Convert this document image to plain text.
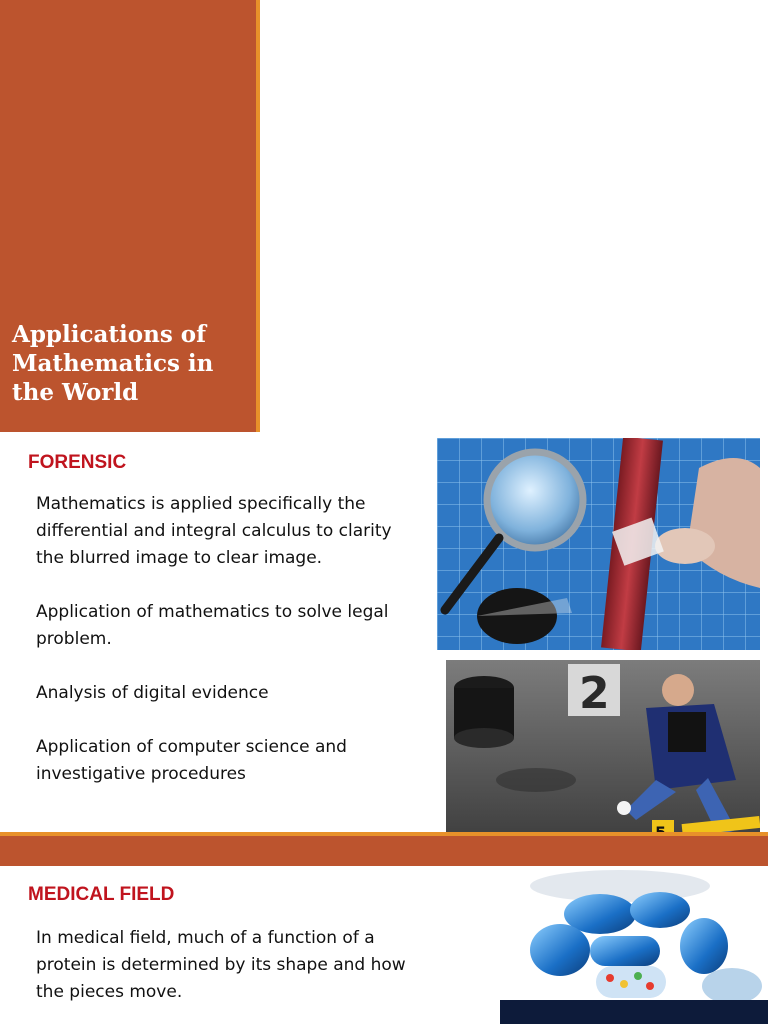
Applications of Mathematics in the World
FORENSIC
Mathematics is applied specifically the differential and integral calculus to clarity the blurred image to clear image.
Application of mathematics to solve legal problem.
Analysis of digital evidence
Application of computer science and investigative procedures
2
MEDICAL FIELD
In medical field, much of a function of a protein is determined by its shape and how the pieces move.
